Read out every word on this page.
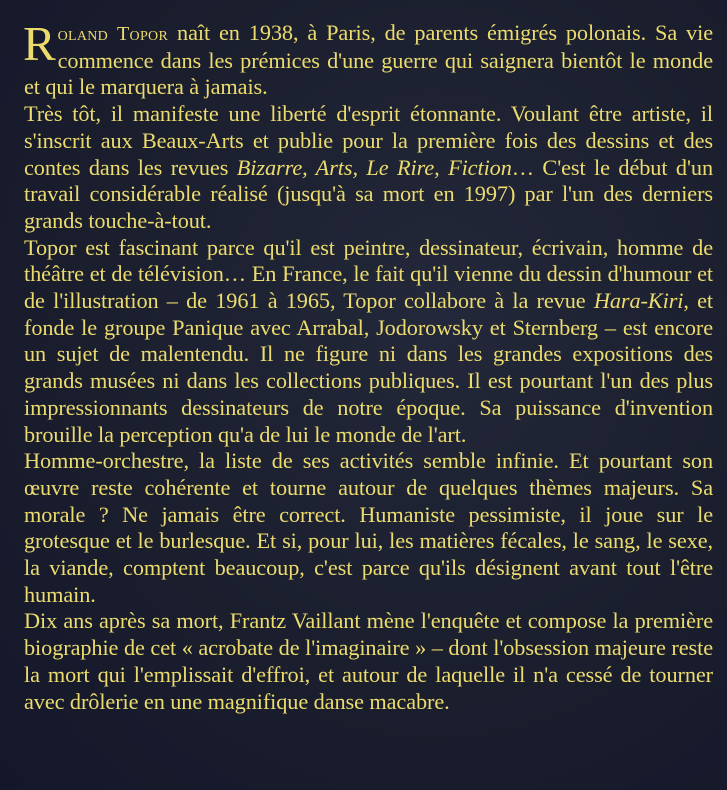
Roland Topor naît en 1938, à Paris, de parents émigrés polonais. Sa vie commence dans les prémices d'une guerre qui saignera bientôt le monde et qui le marquera à jamais.

Très tôt, il manifeste une liberté d'esprit étonnante. Voulant être artiste, il s'inscrit aux Beaux-Arts et publie pour la première fois des dessins et des contes dans les revues Bizarre, Arts, Le Rire, Fiction… C'est le début d'un travail considérable réalisé (jusqu'à sa mort en 1997) par l'un des derniers grands touche-à-tout.

Topor est fascinant parce qu'il est peintre, dessinateur, écrivain, homme de théâtre et de télévision… En France, le fait qu'il vienne du dessin d'humour et de l'illustration – de 1961 à 1965, Topor collabore à la revue Hara-Kiri, et fonde le groupe Panique avec Arrabal, Jodorowsky et Sternberg – est encore un sujet de malentendu. Il ne figure ni dans les grandes expositions des grands musées ni dans les collections publiques. Il est pourtant l'un des plus impressionnants dessinateurs de notre époque. Sa puissance d'invention brouille la perception qu'a de lui le monde de l'art.

Homme-orchestre, la liste de ses activités semble infinie. Et pourtant son œuvre reste cohérente et tourne autour de quelques thèmes majeurs. Sa morale ? Ne jamais être correct. Humaniste pessimiste, il joue sur le grotesque et le burlesque. Et si, pour lui, les matières fécales, le sang, le sexe, la viande, comptent beaucoup, c'est parce qu'ils désignent avant tout l'être humain.

Dix ans après sa mort, Frantz Vaillant mène l'enquête et compose la première biographie de cet « acrobate de l'imaginaire » – dont l'obsession majeure reste la mort qui l'emplissait d'effroi, et autour de laquelle il n'a cessé de tourner avec drôlerie en une magnifique danse macabre.
